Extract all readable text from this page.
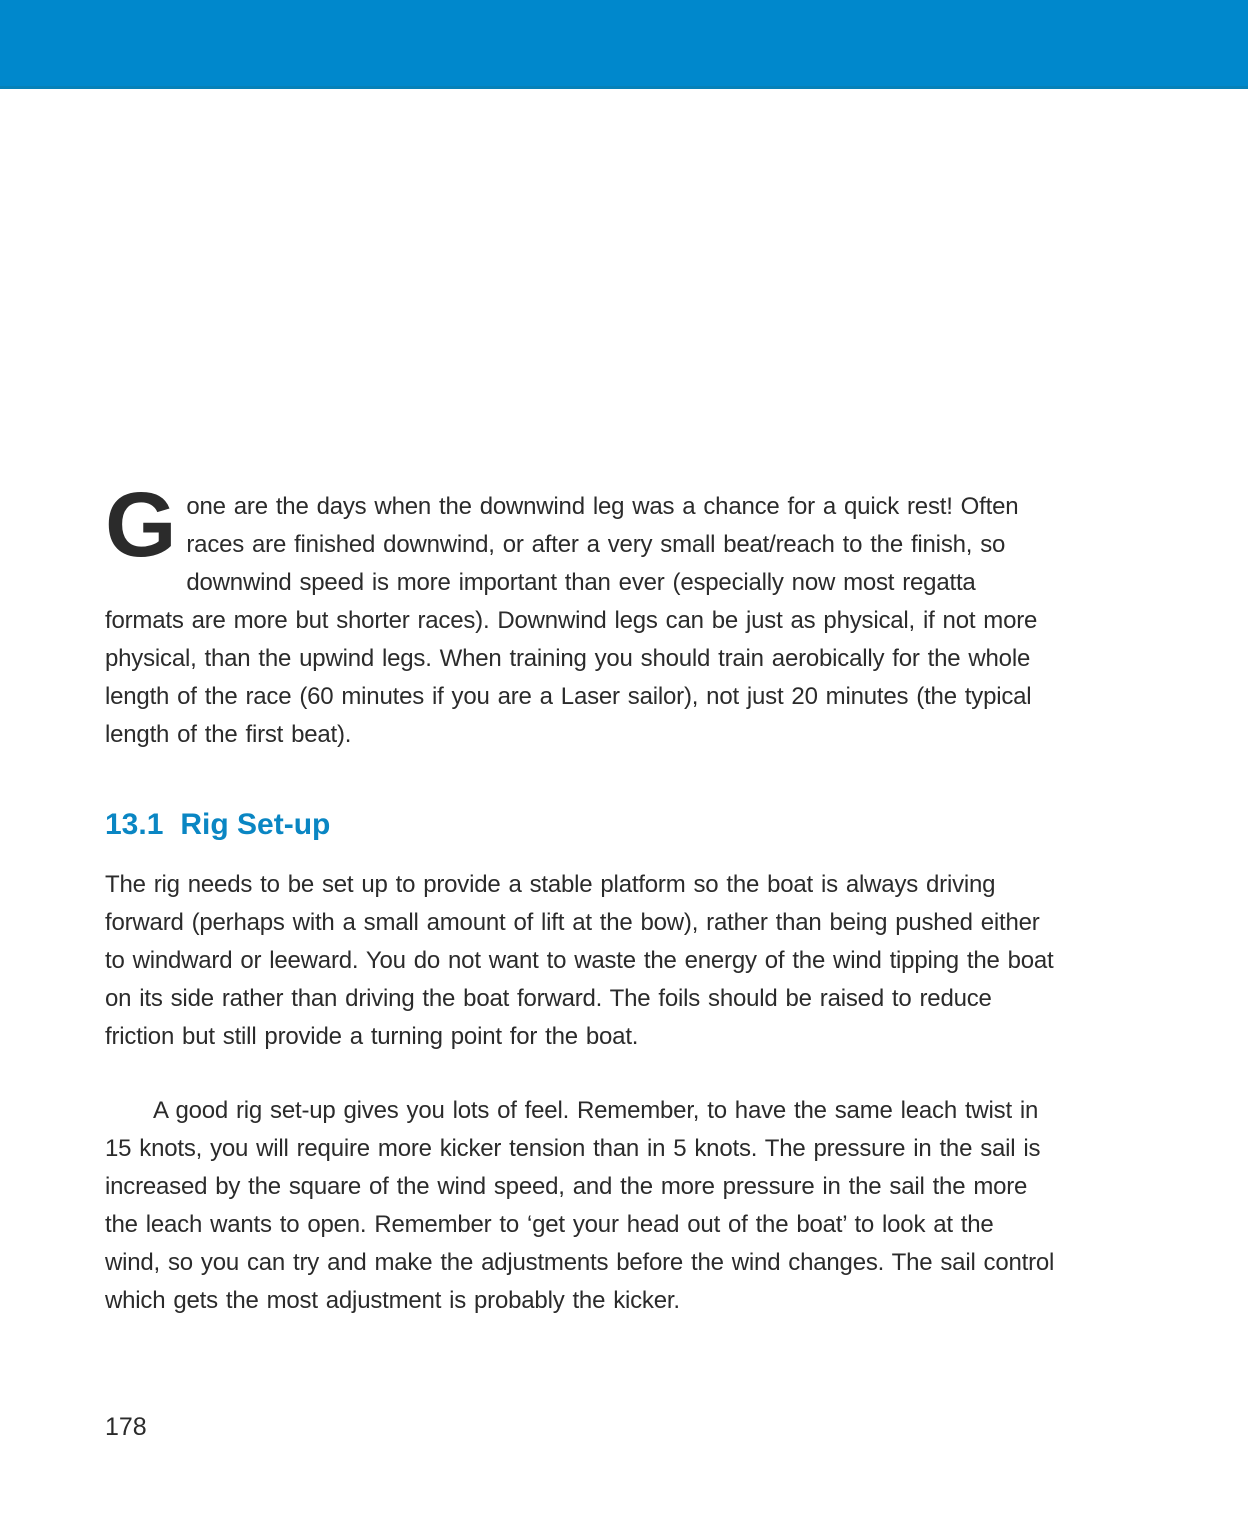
Gone are the days when the downwind leg was a chance for a quick rest! Often races are finished downwind, or after a very small beat/reach to the finish, so downwind speed is more important than ever (especially now most regatta formats are more but shorter races). Downwind legs can be just as physical, if not more physical, than the upwind legs. When training you should train aerobically for the whole length of the race (60 minutes if you are a Laser sailor), not just 20 minutes (the typical length of the first beat).

13.1 Rig Set-up

The rig needs to be set up to provide a stable platform so the boat is always driving forward (perhaps with a small amount of lift at the bow), rather than being pushed either to windward or leeward. You do not want to waste the energy of the wind tipping the boat on its side rather than driving the boat forward. The foils should be raised to reduce friction but still provide a turning point for the boat.

A good rig set-up gives you lots of feel. Remember, to have the same leach twist in 15 knots, you will require more kicker tension than in 5 knots. The pressure in the sail is increased by the square of the wind speed, and the more pressure in the sail the more the leach wants to open. Remember to ‘get your head out of the boat’ to look at the wind, so you can try and make the adjustments before the wind changes. The sail control which gets the most adjustment is probably the kicker.

178
